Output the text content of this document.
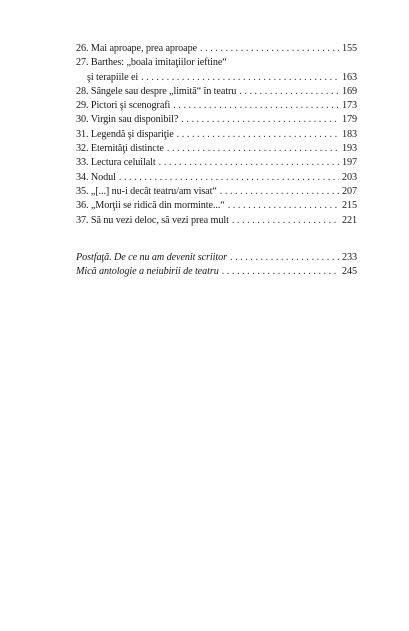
26. Mai aproape, prea aproape . . .	155
27. Barthes: „boala imitaţiilor ieftine“
şi terapiile ei . . .	163
28. Sângele sau despre „limită“ în teatru . . .	169
29. Pictori şi scenografi . . .	173
30. Virgin sau disponibil? . . .	179
31. Legendă şi dispariţie . . .	183
32. Eternităţi distincte . . .	193
33. Lectura celuilalt . . .	197
34. Nodul . . .	203
35. „[...] nu-i decât teatru/am visat“ . . .	207
36. „Morţii se ridică din morminte...“ . . .	215
37. Să nu vezi deloc, să vezi prea mult . . .	221
Postfaţă. De ce nu am devenit scriitor . . .	233
Mică antologie a neiubirii de teatru . . .	245
